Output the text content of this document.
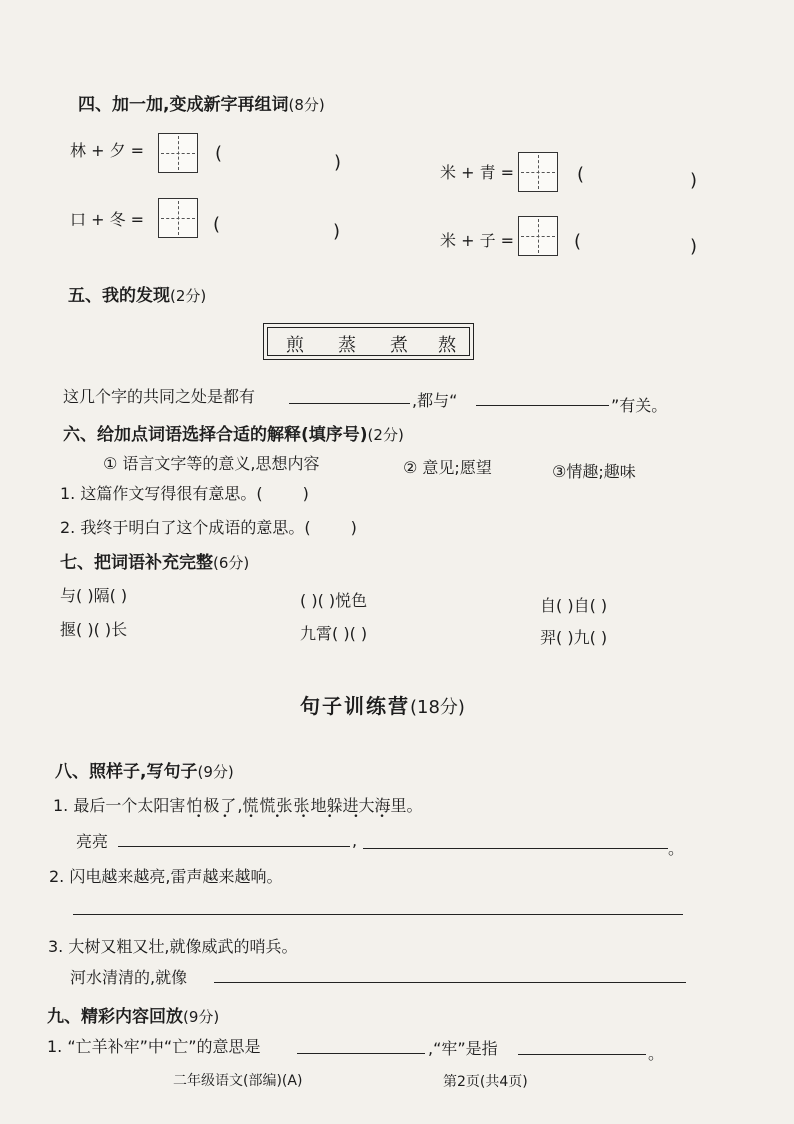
四、加一加,变成新字再组词(8分)
林 + 夕 =	(	)	米 + 青 =	(	)
口 + 冬 =	(	)	米 + 子 =	(	)
五、我的发现(2分)
煎 蒸 煮 熬
这几个字的共同之处是都有	,都与“	”有关。
六、给加点词语选择合适的解释(填序号)(2分)
① 语言文字等的意义,思想内容	② 意见;愿望	③情趣;趣味
1. 这篇作文写得很有意 •思 •。(	)
2. 我终于明白了这个成语的意 •思 •。(	)
七、把词语补充完整(6分)
与( )隔( )	( )( )悦色	自( )自( )
揠( )( )长	九霄( )( )	羿( )九( )
句子训练营(18分)
八、照样子,写句子(9分)
1. 最后一个太阳害怕极了,慌慌张张地躲进大海里。
• • • • • • • •
亮亮	,	。
2. 闪电越 •来越 •亮,雷声越 •来越 •响。
3. 大树又 •粗又 •壮,就像威武的哨兵。
河水清清的,就像
九、精彩内容回放(9分)
1. “亡羊补牢”中“亡”的意思是	,“牢”是指	。
二年级语文(部编)(A)	第2页(共4页)
